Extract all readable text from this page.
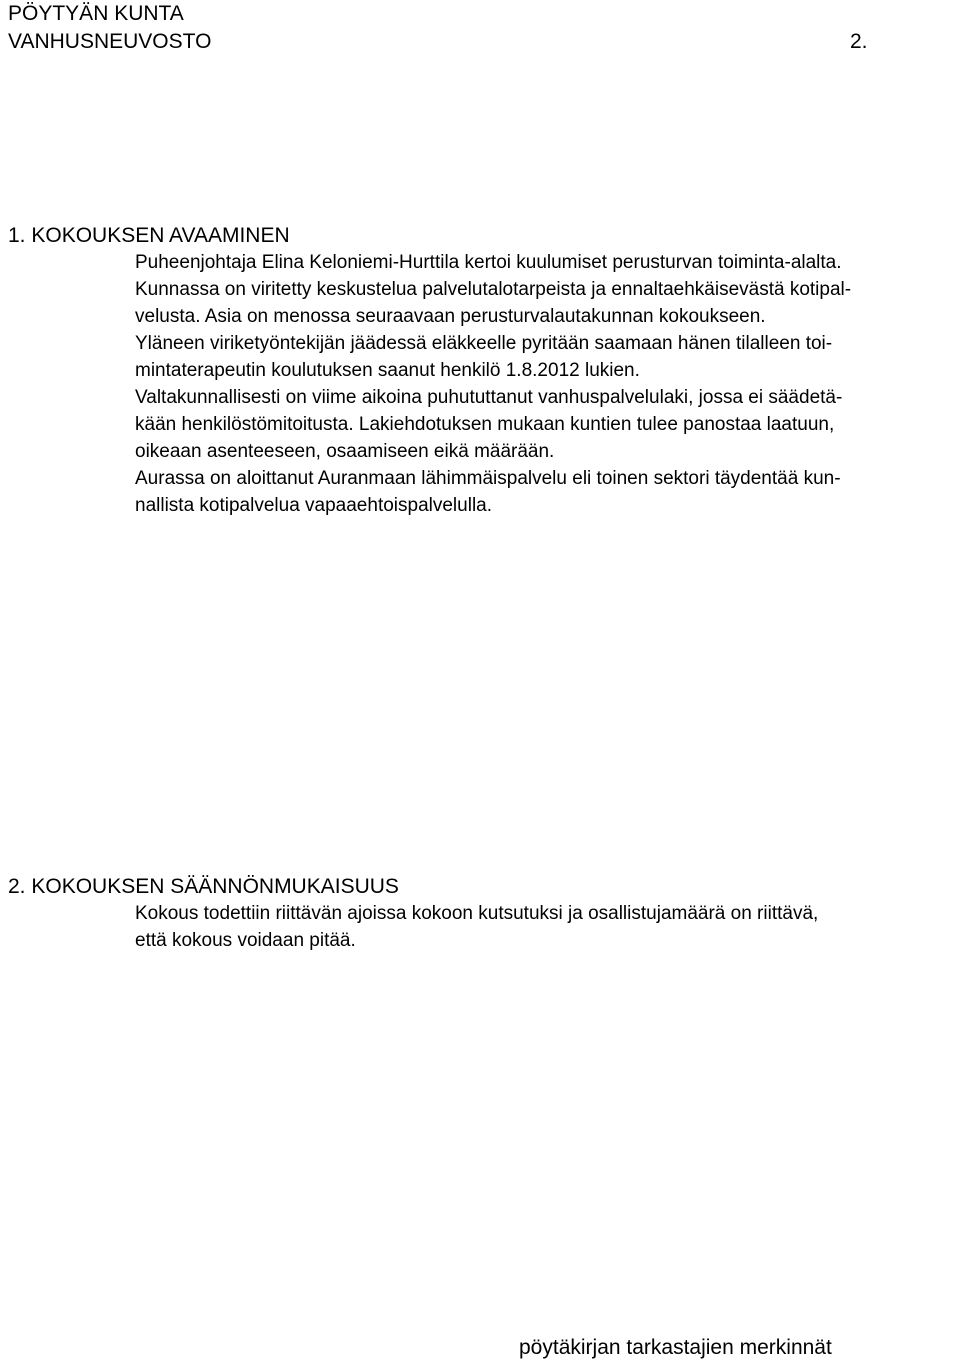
PÖYTYÄN KUNTA
VANHUSNEUVOSTO	2.
1. KOKOUKSEN AVAAMINEN
Puheenjohtaja Elina Keloniemi-Hurttila kertoi kuulumiset perusturvan toiminta-alalta.
Kunnassa on viritetty keskustelua palvelutalotarpeista ja ennaltaehkäisevästä kotipal-
velusta. Asia on menossa seuraavaan perusturvalautakunnan kokoukseen.
Yläneen viriketyöntekijän jäädessä eläkkeelle pyritään saamaan hänen tilalleen toi-
mintaterapeutin koulutuksen saanut henkilö 1.8.2012 lukien.
Valtakunnallisesti on viime aikoina puhututtanut vanhuspalvelulaki, jossa ei säädetä-
kään henkilöstömitoitusta. Lakiehdotuksen mukaan kuntien tulee panostaa laatuun,
oikeaan asenteeseen, osaamiseen eikä määrään.
Aurassa on aloittanut Auranmaan lähimmäispalvelu eli toinen sektori täydentää kun-
nallista kotipalvelua vapaaehtoispalvelulla.
2. KOKOUKSEN SÄÄNNÖNMUKAISUUS
Kokous todettiin riittävän ajoissa kokoon kutsutuksi ja osallistujamäärä on riittävä,
että kokous voidaan pitää.
pöytäkirjan tarkastajien merkinnät
